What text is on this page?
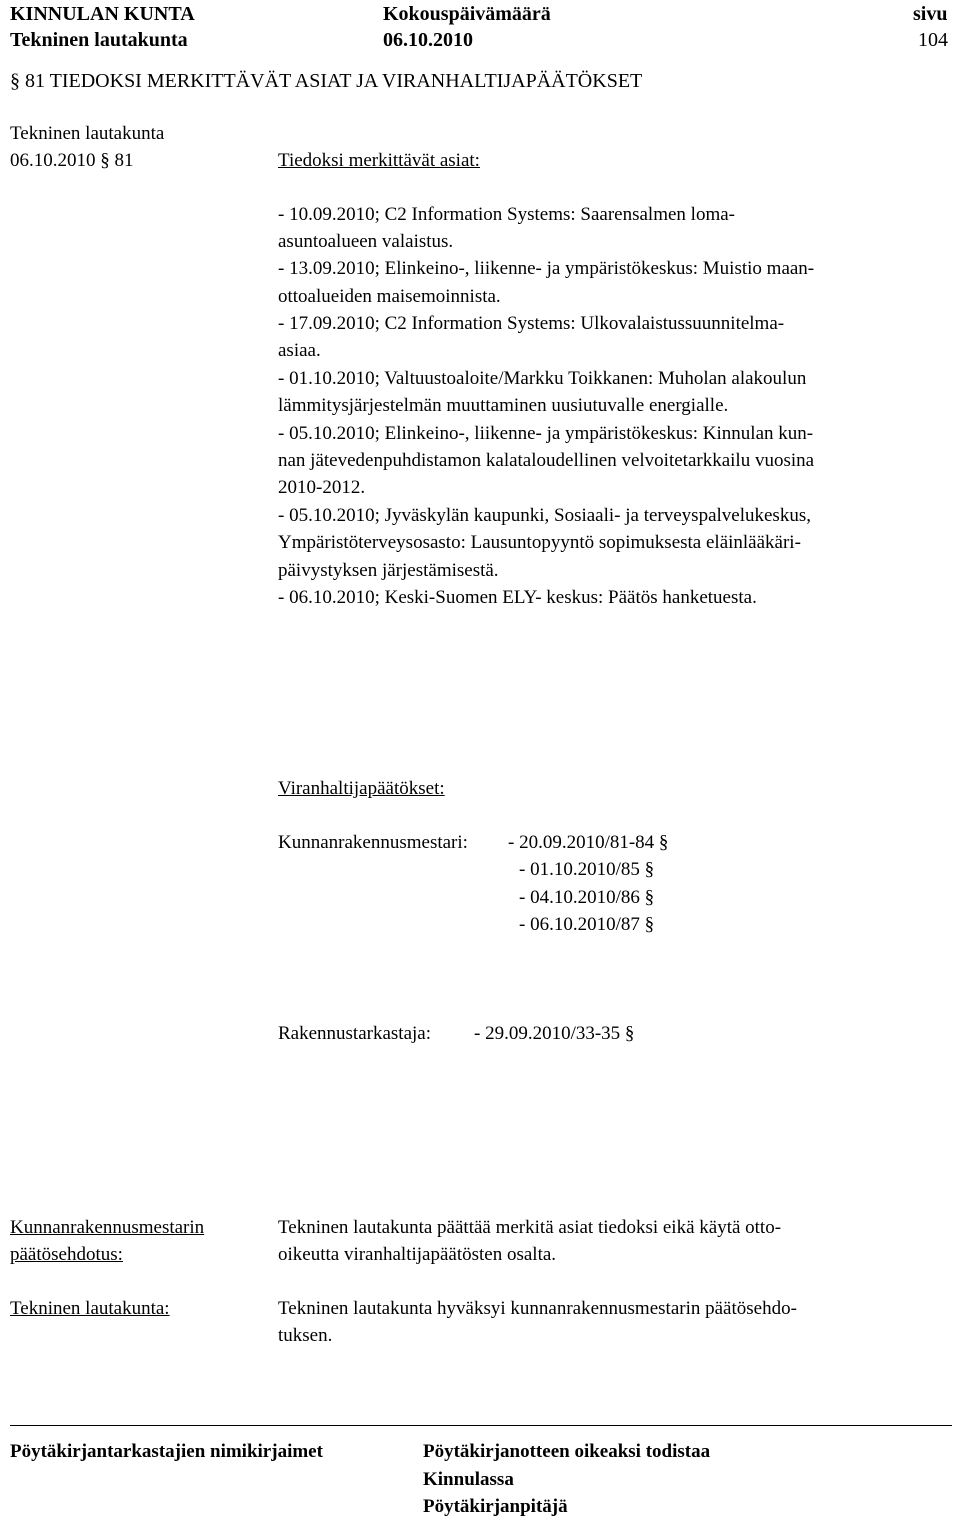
KINNULAN KUNTA
Tekninen lautakunta
Kokouspäivämäärä
06.10.2010
sivu
104
§ 81 TIEDOKSI MERKITTÄVÄT ASIAT JA VIRANHALTIJAPÄÄTÖKSET
Tekninen lautakunta
06.10.2010 § 81	Tiedoksi merkittävät asiat:
- 10.09.2010; C2 Information Systems: Saarensalmen loma-
asuntoalueen valaistus.
- 13.09.2010; Elinkeino-, liikenne- ja ympäristökeskus: Muistio maan-
ottoalueiden maisemoinnista.
- 17.09.2010; C2 Information Systems: Ulkovalaistussuunnitelma-
asiaa.
- 01.10.2010; Valtuustoaloite/Markku Toikkanen: Muholan alakoulun
lämmitysjärjestelmän muuttaminen uusiutuvalle energialle.
- 05.10.2010; Elinkeino-, liikenne- ja ympäristökeskus: Kinnulan kun-
nan jätevedenpuhdistamon kalataloudellinen velvoitetarkkailu vuosina
2010-2012.
- 05.10.2010; Jyväskylän kaupunki, Sosiaali- ja terveyspalvelukeskus,
Ympäristöterveysosasto: Lausuntopyyntö sopimuksesta eläinlääkäri-
päivystyksen järjestämisestä.
- 06.10.2010; Keski-Suomen ELY- keskus: Päätös hanketuesta.
Viranhaltijapäätökset:
Kunnanrakennusmestari: - 20.09.2010/81-84 §
- 01.10.2010/85 §
- 04.10.2010/86 §
- 06.10.2010/87 §
Rakennustarkastaja: - 29.09.2010/33-35 §
Kunnanrakennusmestarin
päätösehdotus:
Tekninen lautakunta päättää merkitä asiat tiedoksi eikä käytä otto-
oikeutta viranhaltijapäätösten osalta.
Tekninen lautakunta:	Tekninen lautakunta hyväksyi kunnanrakennusmestarin päätösehdo-
tuksen.
Pöytäkirjantarkastajien nimikirjaimet	Pöytäkirjanotteen oikeaksi todistaa
Kinnulassa
Pöytäkirjanpitäjä
